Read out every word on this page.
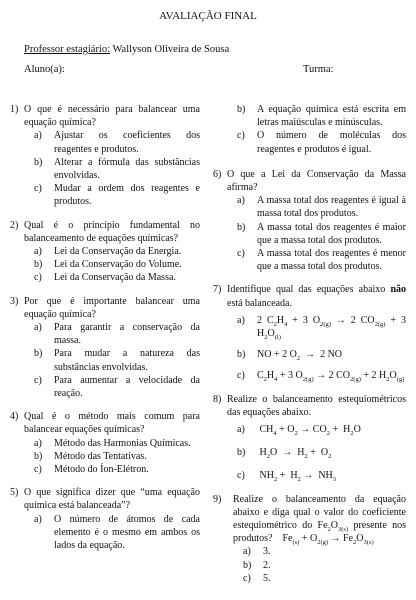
AVALIAÇÃO FINAL
Professor estagiário: Wallyson Oliveira de Sousa
Aluno(a):	Turma:
1) O que é necessário para balancear uma equação química?
a) Ajustar os coeficientes dos reagentes e produtos.
b) Alterar a fórmula das substâncias envolvidas.
c) Mudar a ordem dos reagentes e produtos.
2) Qual é o princípio fundamental no balanceamento de equações químicas?
a) Lei da Conservação da Energia.
b) Lei da Conservação do Volume.
c) Lei da Conservação da Massa.
3) Por que é importante balancear uma equação química?
a) Para garantir a conservação da massa.
b) Para mudar a natureza das substâncias envolvidas.
c) Para aumentar a velocidade da reação.
4) Qual é o método mais comum para balancear equações químicas?
a) Método das Harmonias Químicas.
b) Método das Tentativas.
c) Método do Íon-Elétron.
5) O que significa dizer que “uma equação química está balanceada”?
a) O número de átomos de cada elemento é o mesmo em ambos os lados da equação.
b) A equação química está escrita em letras maiúsculas e minúsculas.
c) O número de moléculas dos reagentes e produtos é igual.
6) O que a Lei da Conservação da Massa afirma?
a) A massa total dos reagentes é igual à massa total dos produtos.
b) A massa total dos reagentes é maior que a massa total dos produtos.
c) A massa total dos reagentes é menor que a massa total dos produtos.
7) Identifique qual das equações abaixo não está balanceada.
a) 2 $C_2H_4 + 3$ $O_{2(g)} \to 2$ $CO_{2(g)} + 3$ $H_2O_{(l)}$
b) NO + 2 $O_2 \to 2$ NO
c) $C_2H_4 + 3$ $O_{2(g)} \to 2$ $CO_{2(g)} + 2$ $H_2O_{(g)}$
8) Realize o balanceamento estequiométricos das equações abaixo.
a) $CH_4 + O_2 \to CO_2 + H_2O$
b) $H_2O \to H_2 + O_2$
c) $NH_2 + H_2 \to NH_3$
9) Realize o balanceamento da equação abaixo e diga qual o valor do coeficiente estequiométrico do $Fe_2O_{3(s)}$ presente nos produtos?    $Fe_{(s)} + O_{2(g)} \to Fe_2O_{3(s)}$
a) 3.
b) 2.
c) 5.
